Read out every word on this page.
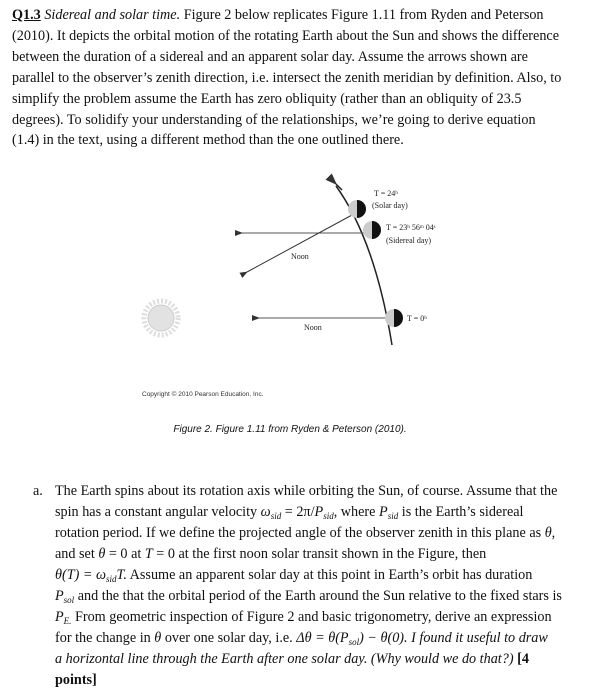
Q1.3 Sidereal and solar time. Figure 2 below replicates Figure 1.11 from Ryden and Peterson
(2010). It depicts the orbital motion of the rotating Earth about the Sun and shows the difference
between the duration of a sidereal and an apparent solar day. Assume the arrows shown are
parallel to the observer’s zenith direction, i.e. intersect the zenith meridian by definition. Also, to
simplify the problem assume the Earth has zero obliquity (rather than an obliquity of 23.5
degrees). To solidify your understanding of the relationships, we’re going to derive equation
(1.4) in the text, using a different method than the one outlined there.
T = 24ʰ
(Solar day)
T = 23ʰ 56ᵐ 04ˢ
(Sidereal day)
T = 0ʰ
Noon
Noon
Copyright © 2010 Pearson Education, Inc.
Figure 2. Figure 1.11 from Ryden & Peterson (2010).
a. The Earth spins about its rotation axis while orbiting the Sun, of course. Assume that the
spin has a constant angular velocity $\omega_{sid} = 2\pi/P_{sid}$, where $P_{sid}$ is the Earth’s sidereal
rotation period. If we define the projected angle of the observer zenith in this plane as θ,
and set θ = 0 at T = 0 at the first noon solar transit shown in the Figure, then
$\theta(T) = \omega_{sid}T$. Assume an apparent solar day at this point in Earth’s orbit has duration
$P_{sol}$ and the that the orbital period of the Earth around the Sun relative to the fixed stars is
$P_{E.}$ From geometric inspection of Figure 2 and basic trigonometry, derive an expression
for the change in θ over one solar day, i.e. $\Delta\theta = \theta(P_{sol}) - \theta(0)$. I found it useful to draw
a horizontal line through the Earth after one solar day. (Why would we do that?) [4
points]
